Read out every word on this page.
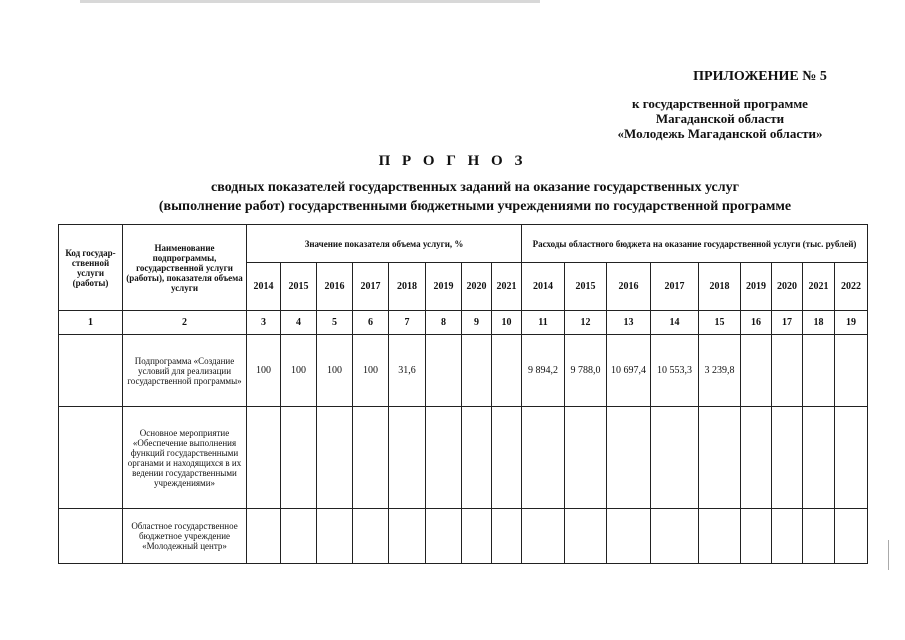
ПРИЛОЖЕНИЕ № 5
к государственной программе
Магаданской области
«Молодежь Магаданской области»
П Р О Г Н О З
сводных показателей государственных заданий на оказание государственных услуг
(выполнение работ) государственными бюджетными учреждениями по государственной программе
Код государ-ственной услуги (работы)	Наименование подпрограммы, государственной услуги (работы), показателя объема услуги	Значение показателя объема услуги, %								Расходы областного бюджета на оказание государственной услуги (тыс. рублей)								
		2014	2015	2016	2017	2018	2019	2020	2021	2014	2015	2016	2017	2018	2019	2020	2021	2022
1	2	3	4	5	6	7	8	9	10	11	12	13	14	15	16	17	18	19
	Подпрограмма «Создание условий для реализации государственной программы»	100	100	100	100	31,6				9 894,2	9 788,0	10 697,4	10 553,3	3 239,8				
	Основное мероприятие «Обеспечение выполнения функций государственными органами и находящихся в их ведении государственными учреждениями»																	
	Областное государственное бюджетное учреждение «Молодежный центр»																	
